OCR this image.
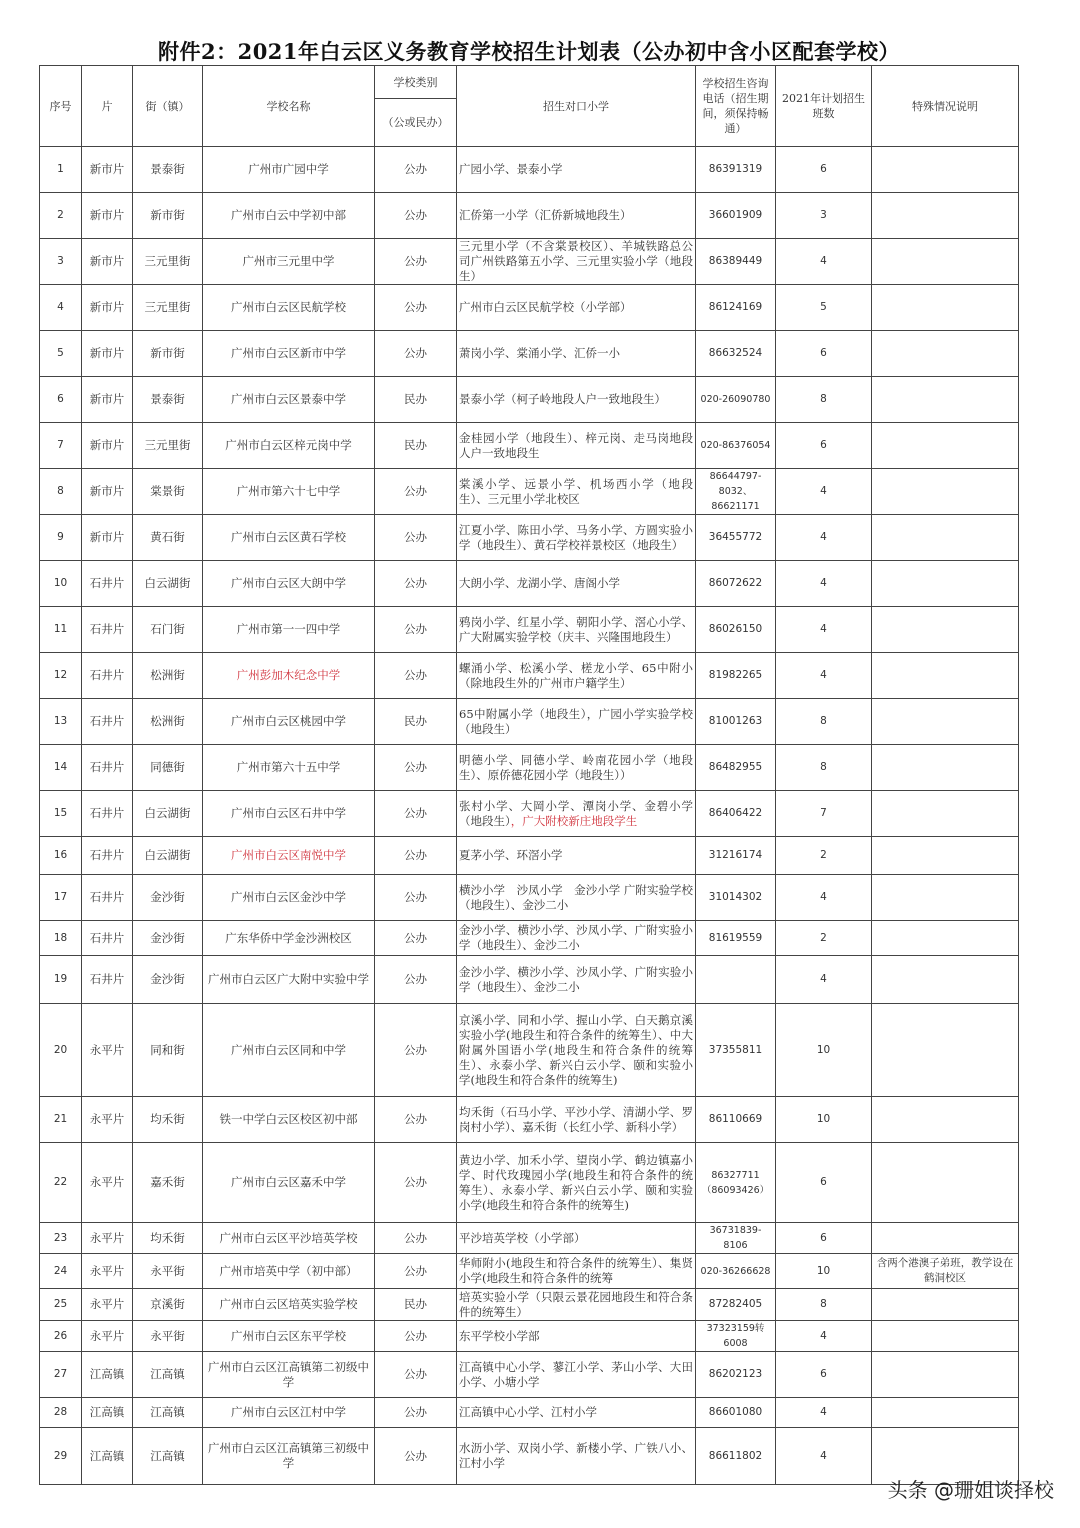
附件2：2021年白云区义务教育学校招生计划表（公办初中含小区配套学校）
序号	片	街（镇）	学校名称	学校类别	招生对口小学	学校招生咨询电话（招生期间，须保持畅通）	2021年计划招生班数	特殊情况说明
				（公或民办）				
1	新市片	景泰街	广州市广园中学	公办	广园小学、景泰小学	86391319	6	
2	新市片	新市街	广州市白云中学初中部	公办	汇侨第一小学（汇侨新城地段生）	36601909	3	
3	新市片	三元里街	广州市三元里中学	公办	三元里小学（不含棠景校区）、羊城铁路总公司广州铁路第五小学、三元里实验小学（地段生）	86389449	4	
4	新市片	三元里街	广州市白云区民航学校	公办	广州市白云区民航学校（小学部）	86124169	5	
5	新市片	新市街	广州市白云区新市中学	公办	萧岗小学、棠涌小学、汇侨一小	86632524	6	
6	新市片	景泰街	广州市白云区景泰中学	民办	景泰小学（柯子岭地段人户一致地段生）	020-26090780	8	
7	新市片	三元里街	广州市白云区梓元岗中学	民办	金桂园小学（地段生）、梓元岗、走马岗地段人户一致地段生	020-86376054	6	
8	新市片	棠景街	广州市第六十七中学	公办	棠溪小学、远景小学、机场西小学（地段生）、三元里小学北校区	86644797-8032、86621171	4	
9	新市片	黄石街	广州市白云区黄石学校	公办	江夏小学、陈田小学、马务小学、方圆实验小学（地段生）、黄石学校祥景校区（地段生）	36455772	4	
10	石井片	白云湖街	广州市白云区大朗中学	公办	大朗小学、龙湖小学、唐阁小学	86072622	4	
11	石井片	石门街	广州市第一一四中学	公办	鸦岗小学、红星小学、朝阳小学、滘心小学、广大附属实验学校（庆丰、兴隆围地段生）	86026150	4	
12	石井片	松洲街	广州彭加木纪念中学	公办	螺涌小学、松溪小学、槎龙小学、65中附小（除地段生外的广州市户籍学生）	81982265	4	
13	石井片	松洲街	广州市白云区桃园中学	民办	65中附属小学（地段生），广园小学实验学校（地段生）	81001263	8	
14	石井片	同德街	广州市第六十五中学	公办	明德小学、同德小学、岭南花园小学（地段生）、原侨德花园小学（地段生））	86482955	8	
15	石井片	白云湖街	广州市白云区石井中学	公办	张村小学、大岡小学、潭岗小学、金碧小学（地段生），广大附校新庄地段学生	86406422	7	
16	石井片	白云湖街	广州市白云区南悦中学	公办	夏茅小学、环滘小学	31216174	2	
17	石井片	金沙街	广州市白云区金沙中学	公办	横沙小学　沙凤小学　金沙小学 广附实验学校（地段生）、金沙二小	31014302	4	
18	石井片	金沙街	广东华侨中学金沙洲校区	公办	金沙小学、横沙小学、沙凤小学、广附实验小学（地段生）、金沙二小	81619559	2	
19	石井片	金沙街	广州市白云区广大附中实验中学	公办	金沙小学、横沙小学、沙凤小学、广附实验小学（地段生）、金沙二小		4	
20	永平片	同和街	广州市白云区同和中学	公办	京溪小学、同和小学、握山小学、白天鹅京溪实验小学(地段生和符合条件的统筹生）、中大附属外国语小学(地段生和符合条件的统筹生）、永泰小学、新兴白云小学、颐和实验小学(地段生和符合条件的统筹生)	37355811	10	
21	永平片	均禾街	铁一中学白云区校区初中部	公办	均禾街（石马小学、平沙小学、清湖小学、罗岗村小学）、嘉禾街（长红小学、新科小学）	86110669	10	
22	永平片	嘉禾街	广州市白云区嘉禾中学	公办	黄边小学、加禾小学、望岗小学、鹤边镇嘉小学、时代玫瑰园小学(地段生和符合条件的统筹生）、永泰小学、新兴白云小学、颐和实验小学(地段生和符合条件的统筹生)	86327711（86093426）	6	
23	永平片	均禾街	广州市白云区平沙培英学校	公办	平沙培英学校（小学部）	36731839-8106	6	
24	永平片	永平街	广州市培英中学（初中部）	公办	华师附小(地段生和符合条件的统筹生）、集贤小学(地段生和符合条件的统筹	020-36266628	10	含两个港澳子弟班，教学设在鹤洞校区
25	永平片	京溪街	广州市白云区培英实验学校	民办	培英实验小学（只限云景花园地段生和符合条件的统筹生）	87282405	8	
26	永平片	永平街	广州市白云区东平学校	公办	东平学校小学部	37323159转6008	4	
27	江高镇	江高镇	广州市白云区江高镇第二初级中学	公办	江高镇中心小学、蓼江小学、茅山小学、大田小学、小塘小学	86202123	6	
28	江高镇	江高镇	广州市白云区江村中学	公办	江高镇中心小学、江村小学	86601080	4	
29	江高镇	江高镇	广州市白云区江高镇第三初级中学	公办	水沥小学、双岗小学、新楼小学、广铁八小、江村小学	86611802	4	
头条 @珊姐谈择校
